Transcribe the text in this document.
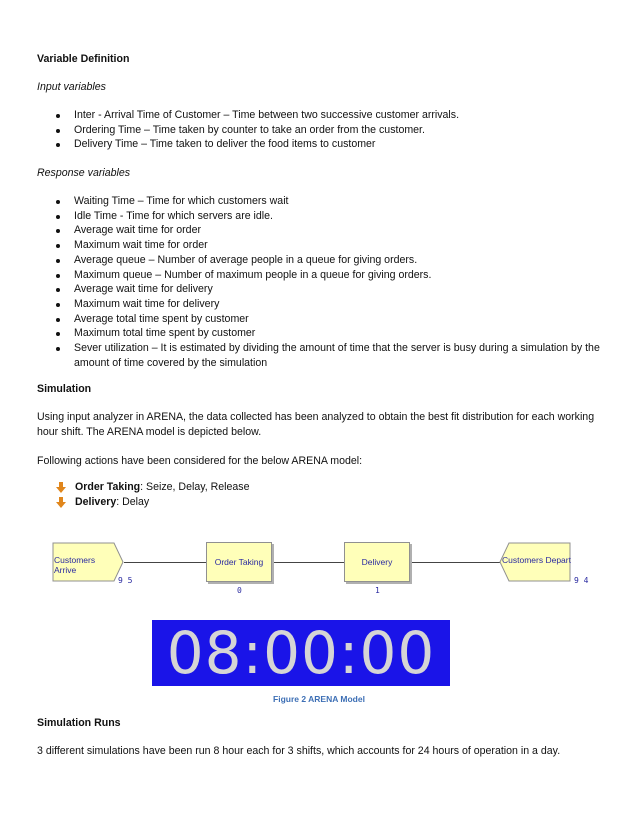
Variable Definition
Input variables
Inter - Arrival Time of Customer – Time between two successive customer arrivals.
Ordering Time – Time taken by counter to take an order from the customer.
Delivery Time – Time taken to deliver the food items to customer
Response variables
Waiting Time – Time for which customers wait
Idle Time - Time for which servers are idle.
Average wait time for order
Maximum wait time for order
Average queue – Number of average people in a queue for giving orders.
Maximum queue – Number of maximum people in a queue for giving orders.
Average wait time for delivery
Maximum wait time for delivery
Average total time spent by customer
Maximum total time spent by customer
Sever utilization – It is estimated by dividing the amount of time that the server is busy during a simulation by the amount of time covered by the simulation
Simulation
Using input analyzer in ARENA, the data collected has been analyzed to obtain the best fit distribution for each working hour shift. The ARENA model is depicted below.
Following actions have been considered for the below ARENA model:
Order Taking: Seize, Delay, Release
Delivery: Delay
Customers Arrive
9 5
Order Taking
0
Delivery
1
Customers Depart
9 4
08:00:00
Figure 2 ARENA Model
Simulation Runs
3 different simulations have been run 8 hour each for 3 shifts, which accounts for 24 hours of operation in a day.
